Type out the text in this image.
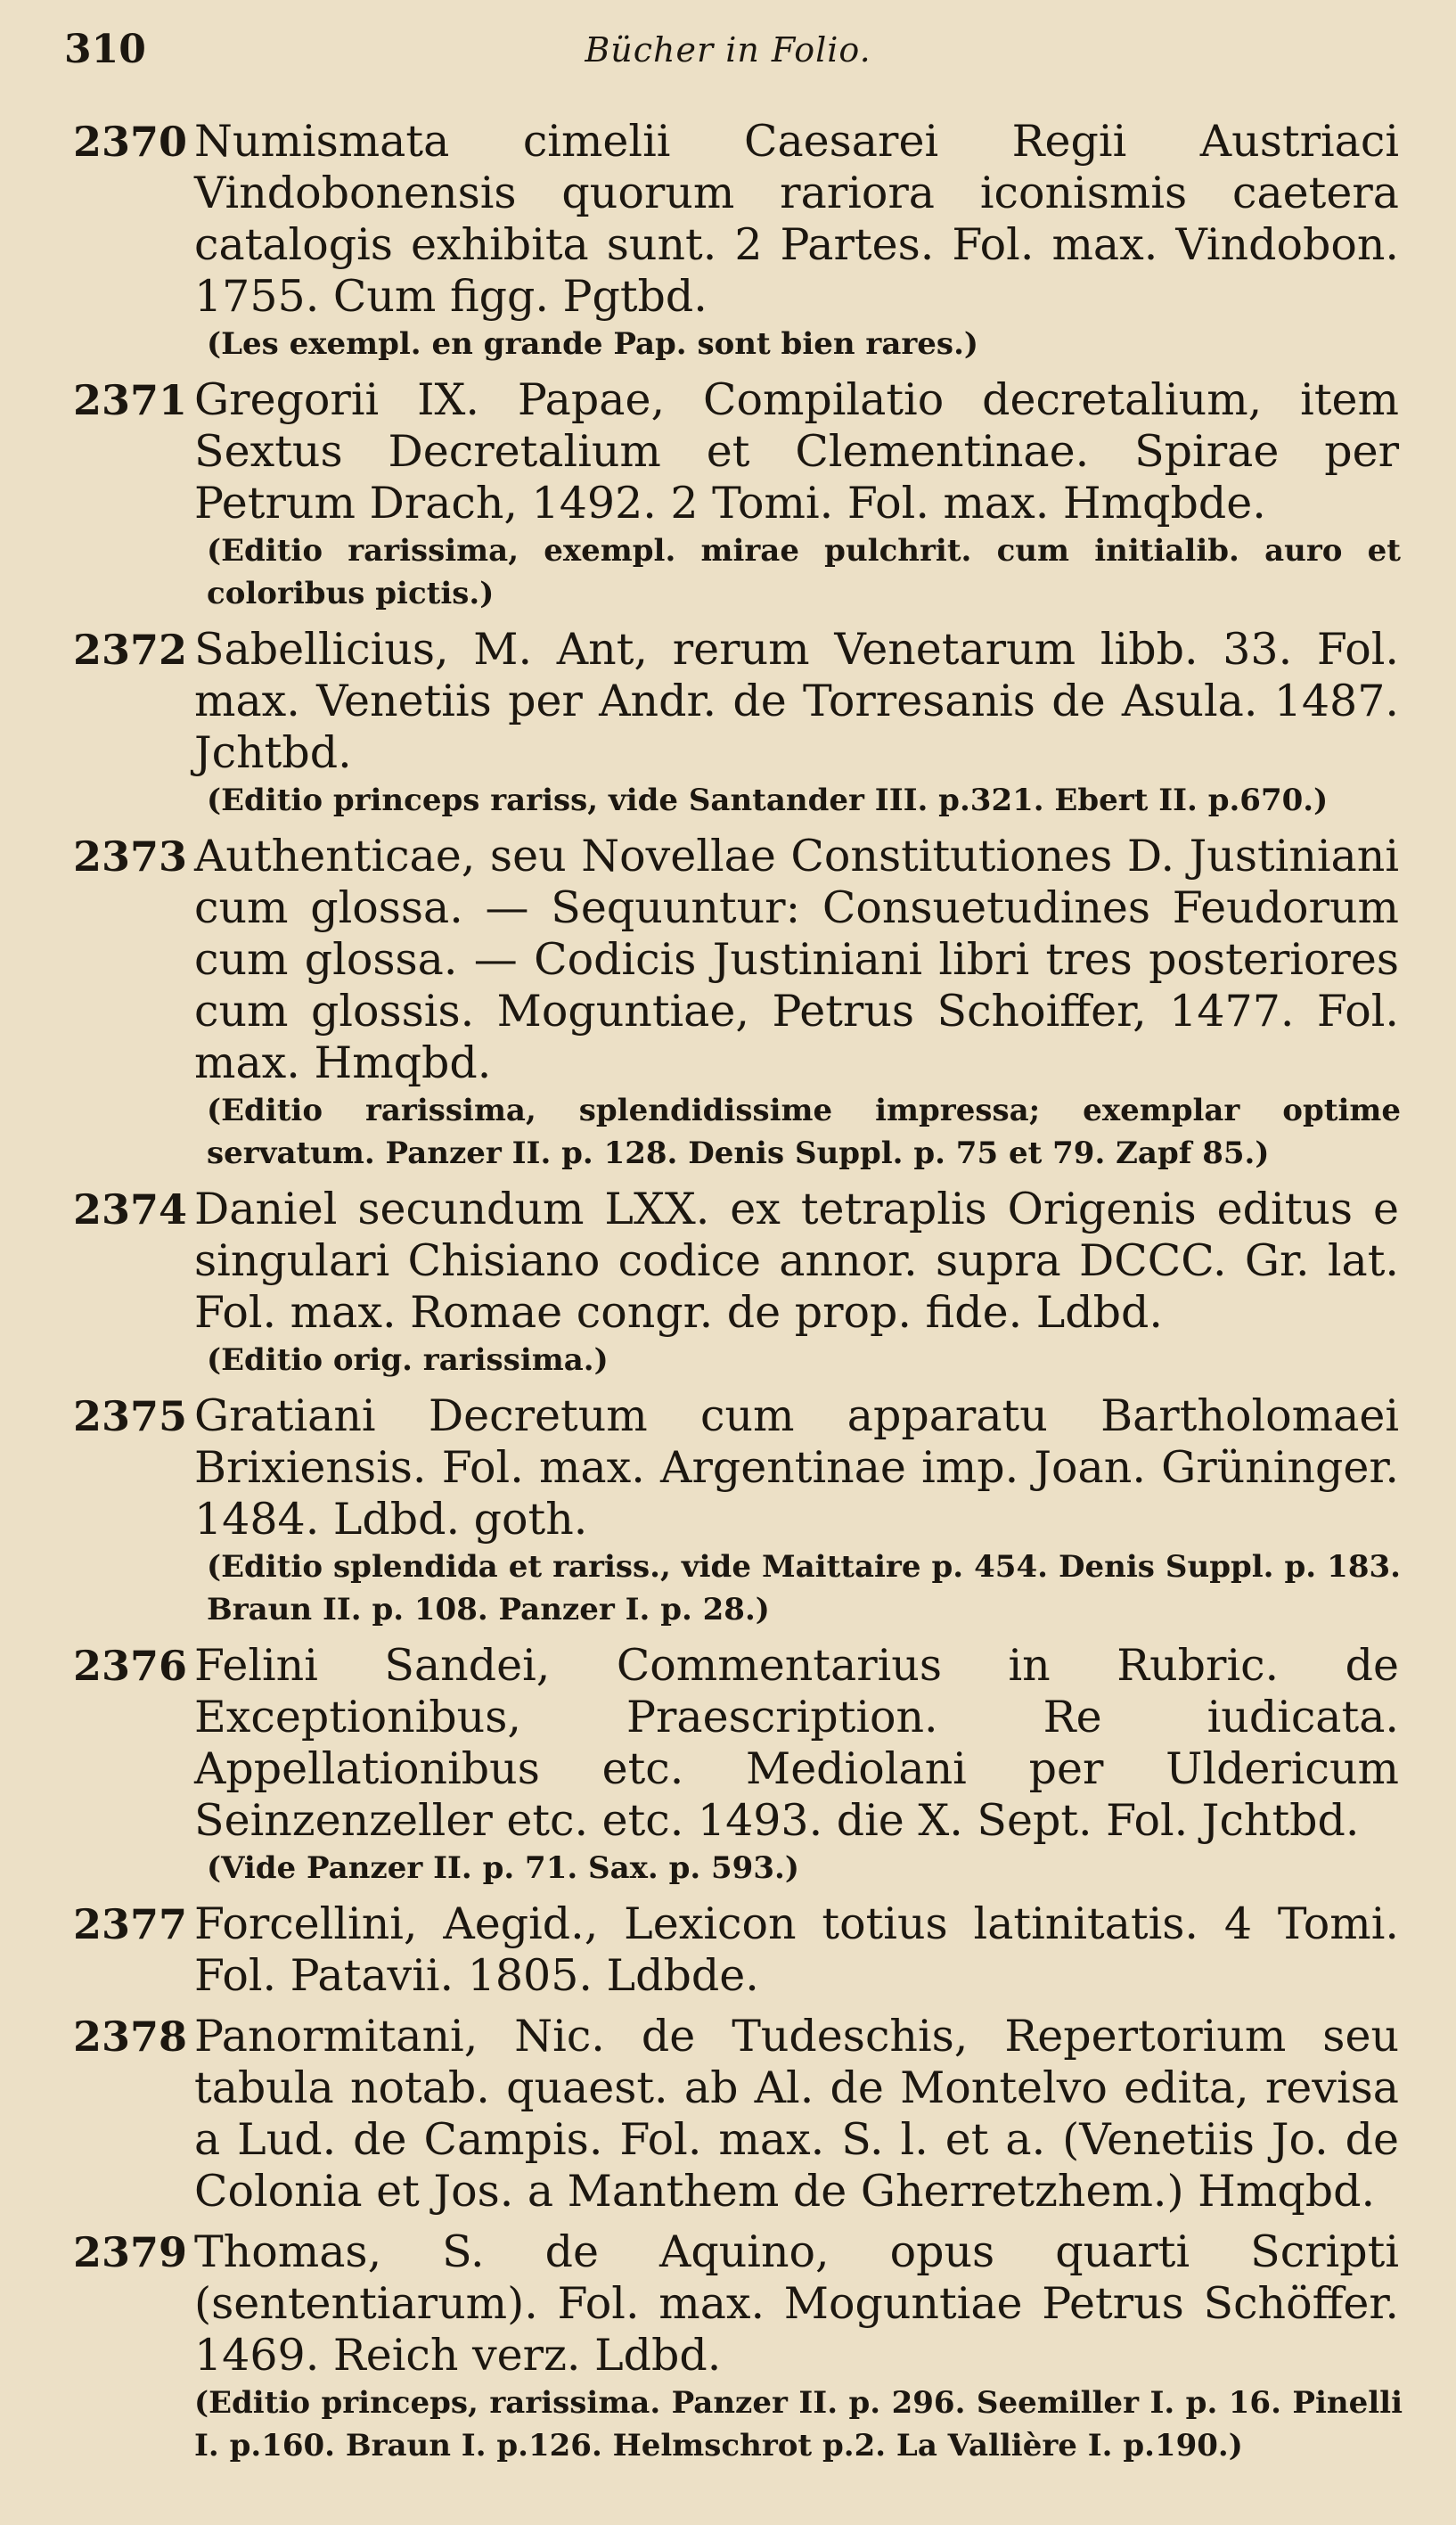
310	Bücher in Folio.
2370 Numismata cimelii Caesarei Regii Austriaci Vindobonensis quorum rariora iconismis caetera catalogis exhibita sunt. 2 Partes. Fol. max. Vindobon. 1755. Cum figg. Pgtbd.
(Les exempl. en grande Pap. sont bien rares.)
2371 Gregorii IX. Papae, Compilatio decretalium, item Sextus Decretalium et Clementinae. Spirae per Petrum Drach, 1492. 2 Tomi. Fol. max. Hmqbde.
(Editio rarissima, exempl. mirae pulchrit. cum initialib. auro et coloribus pictis.)
2372 Sabellicius, M. Ant, rerum Venetarum libb. 33. Fol. max. Venetiis per Andr. de Torresanis de Asula. 1487. Jchtbd.
(Editio princeps rariss, vide Santander III. p.321. Ebert II. p.670.)
2373 Authenticae, seu Novellae Constitutiones D. Justiniani cum glossa. — Sequuntur: Consuetudines Feudorum cum glossa. — Codicis Justiniani libri tres posteriores cum glossis. Moguntiae, Petrus Schoiffer, 1477. Fol. max. Hmqbd.
(Editio rarissima, splendidissime impressa; exemplar optime servatum. Panzer II. p. 128. Denis Suppl. p. 75 et 79. Zapf 85.)
2374 Daniel secundum LXX. ex tetraplis Origenis editus e singulari Chisiano codice annor. supra DCCC. Gr. lat. Fol. max. Romae congr. de prop. fide. Ldbd.
(Editio orig. rarissima.)
2375 Gratiani Decretum cum apparatu Bartholomaei Brixiensis. Fol. max. Argentinae imp. Joan. Grüninger. 1484. Ldbd. goth.
(Editio splendida et rariss., vide Maittaire p. 454. Denis Suppl. p. 183. Braun II. p. 108. Panzer I. p. 28.)
2376 Felini Sandei, Commentarius in Rubric. de Exceptionibus, Praescription. Re iudicata. Appellationibus etc. Mediolani per Uldericum Seinzenzeller etc. etc. 1493. die X. Sept. Fol. Jchtbd.
(Vide Panzer II. p. 71. Sax. p. 593.)
2377 Forcellini, Aegid., Lexicon totius latinitatis. 4 Tomi. Fol. Patavii. 1805. Ldbde.
2378 Panormitani, Nic. de Tudeschis, Repertorium seu tabula notab. quaest. ab Al. de Montelvo edita, revisa a Lud. de Campis. Fol. max. S. l. et a. (Venetiis Jo. de Colonia et Jos. a Manthem de Gherretzhem.) Hmqbd.
2379 Thomas, S. de Aquino, opus quarti Scripti (sententiarum). Fol. max. Moguntiae Petrus Schöffer. 1469. Reich verz. Ldbd.
(Editio princeps, rarissima. Panzer II. p. 296. Seemiller I. p. 16. Pinelli I. p.160. Braun I. p.126. Helmschrot p.2. La Vallière I. p.190.)
